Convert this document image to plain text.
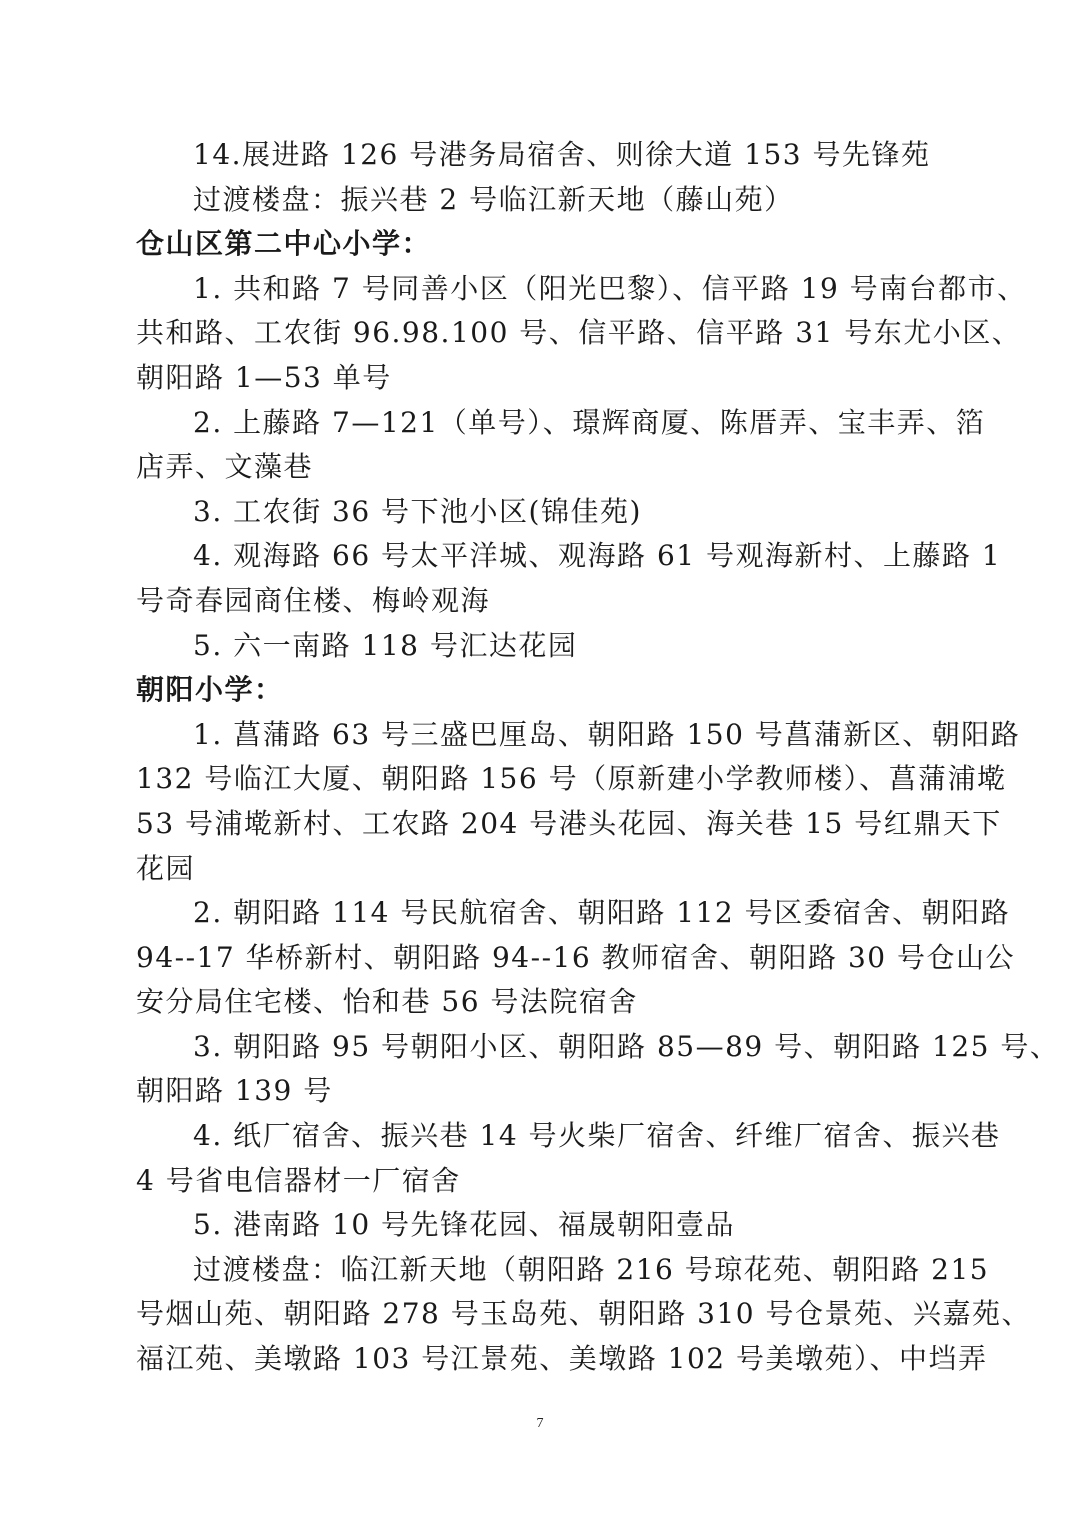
14.展进路 126 号港务局宿舍、则徐大道 153 号先锋苑
过渡楼盘：振兴巷 2 号临江新天地（藤山苑）
仓山区第二中心小学：
1. 共和路 7 号同善小区（阳光巴黎）、信平路 19 号南台都市、
共和路、工农街 96.98.100 号、信平路、信平路 31 号东尤小区、
朝阳路 1—53 单号
2. 上藤路 7—121（单号）、璟辉商厦、陈厝弄、宝丰弄、箔
店弄、文藻巷
3. 工农街 36 号下池小区(锦佳苑)
4. 观海路 66 号太平洋城、观海路 61 号观海新村、上藤路 1
号奇春园商住楼、梅岭观海
5. 六一南路 118 号汇达花园
朝阳小学：
1. 菖蒲路 63 号三盛巴厘岛、朝阳路 150 号菖蒲新区、朝阳路
132 号临江大厦、朝阳路 156 号（原新建小学教师楼）、菖蒲浦墘
53 号浦墘新村、工农路 204 号港头花园、海关巷 15 号红鼎天下
花园
2. 朝阳路 114 号民航宿舍、朝阳路 112 号区委宿舍、朝阳路
94--17 华桥新村、朝阳路 94--16 教师宿舍、朝阳路 30 号仓山公
安分局住宅楼、怡和巷 56 号法院宿舍
3. 朝阳路 95 号朝阳小区、朝阳路 85—89 号、朝阳路 125 号、
朝阳路 139 号
4. 纸厂宿舍、振兴巷 14 号火柴厂宿舍、纤维厂宿舍、振兴巷
4 号省电信器材一厂宿舍
5. 港南路 10 号先锋花园、福晟朝阳壹品
过渡楼盘：临江新天地（朝阳路 216 号琼花苑、朝阳路 215
号烟山苑、朝阳路 278 号玉岛苑、朝阳路 310 号仓景苑、兴嘉苑、
福江苑、美墩路 103 号江景苑、美墩路 102 号美墩苑）、中垱弄
7
